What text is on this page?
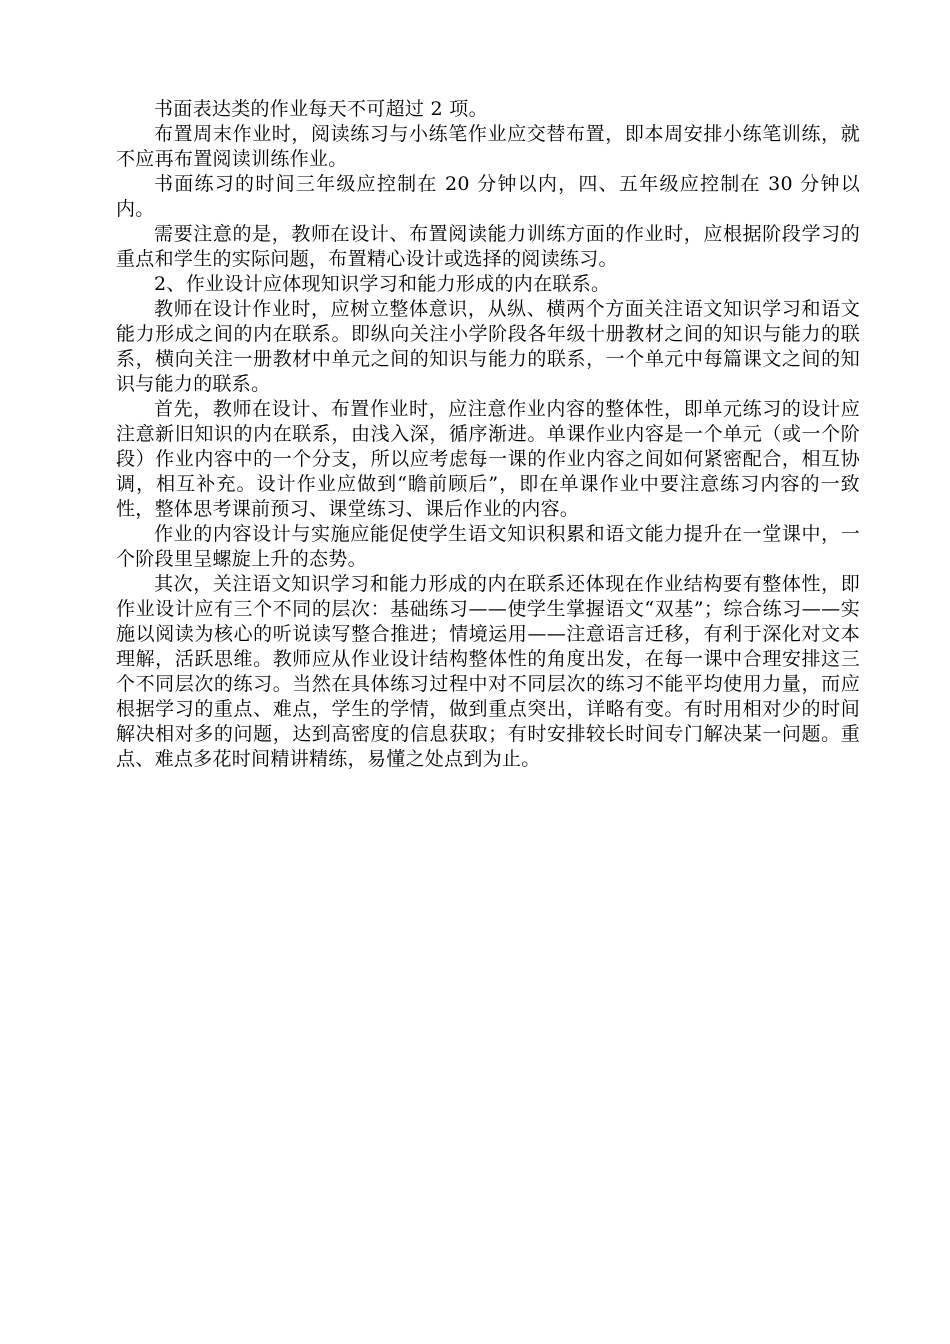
书面表达类的作业每天不可超过 2 项。

布置周末作业时，阅读练习与小练笔作业应交替布置，即本周安排小练笔训练，就不应再布置阅读训练作业。

书面练习的时间三年级应控制在 20 分钟以内，四、五年级应控制在 30 分钟以内。

需要注意的是，教师在设计、布置阅读能力训练方面的作业时，应根据阶段学习的重点和学生的实际问题，布置精心设计或选择的阅读练习。

2、作业设计应体现知识学习和能力形成的内在联系。

教师在设计作业时，应树立整体意识，从纵、横两个方面关注语文知识学习和语文能力形成之间的内在联系。即纵向关注小学阶段各年级十册教材之间的知识与能力的联系，横向关注一册教材中单元之间的知识与能力的联系，一个单元中每篇课文之间的知识与能力的联系。

首先，教师在设计、布置作业时，应注意作业内容的整体性，即单元练习的设计应注意新旧知识的内在联系，由浅入深，循序渐进。单课作业内容是一个单元（或一个阶段）作业内容中的一个分支，所以应考虑每一课的作业内容之间如何紧密配合，相互协调，相互补充。设计作业应做到“瞻前顾后”，即在单课作业中要注意练习内容的一致性，整体思考课前预习、课堂练习、课后作业的内容。

作业的内容设计与实施应能促使学生语文知识积累和语文能力提升在一堂课中，一个阶段里呈螺旋上升的态势。

其次，关注语文知识学习和能力形成的内在联系还体现在作业结构要有整体性，即作业设计应有三个不同的层次：基础练习——使学生掌握语文“双基”；综合练习——实施以阅读为核心的听说读写整合推进；情境运用——注意语言迁移，有利于深化对文本理解，活跃思维。教师应从作业设计结构整体性的角度出发，在每一课中合理安排这三个不同层次的练习。当然在具体练习过程中对不同层次的练习不能平均使用力量，而应根据学习的重点、难点，学生的学情，做到重点突出，详略有变。有时用相对少的时间解决相对多的问题，达到高密度的信息获取；有时安排较长时间专门解决某一问题。重点、难点多花时间精讲精练，易懂之处点到为止。
